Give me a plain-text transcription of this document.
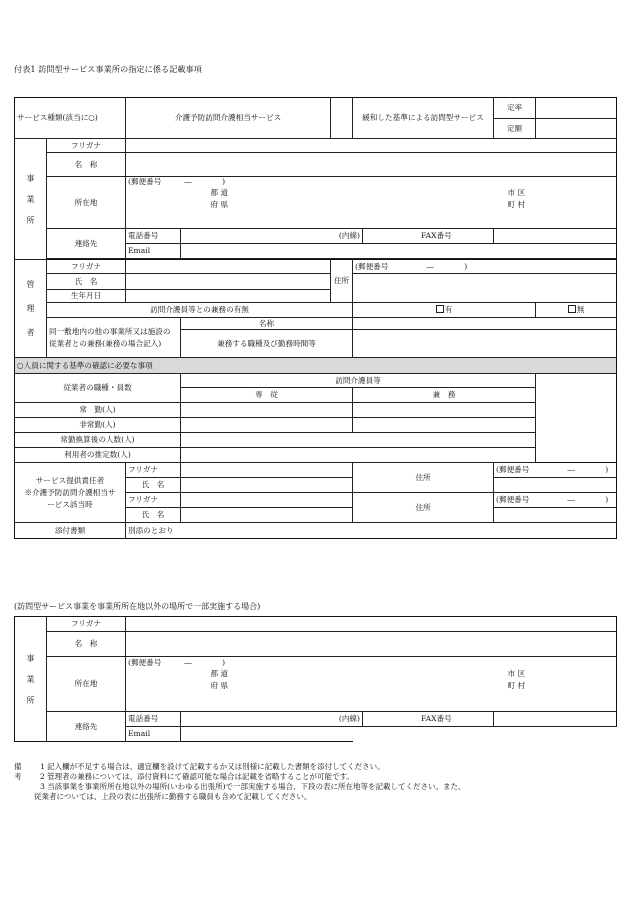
付表1 訪問型サービス事業所の指定に係る記載事項
サービス種類(該当に○)		介護予防訪問介護相当サービス			緩和した基準による訪問型サービス		定率	
							定額	
事業所	フリガナ							
	名　称							
	所在地	(郵便番号　　　―　　　　)						
			都 道				市 区	
			府 県				町 村	

	連絡先	電話番号	(内線)			FAX番号		
		Email						

管理者	フリガナ			住所	(郵便番号　　　　　―　　　　)			
	氏　名							
	生年月日							
	訪問介護員等との兼務の有無				有			無
	同一敷地内の他の事業所又は施設の従業者との兼務(兼務の場合記入)		名称					
			兼務する職種及び勤務時間等					
○人員に関する基準の確認に必要な事項								
従業者の職種・員数			訪問介護員等					
			専　従		兼　務			
常　勤(人)								
非常勤(人)								
常勤換算後の人数(人)								
利用者の推定数(人)								

サービス提供責任者
※介護予防訪問介護相当サービス該当時		フリガナ			住所		(郵便番号　　　　　―　　　　)	
		氏　名						
		フリガナ			住所		(郵便番号　　　　　―　　　　)	
		氏　名						
添付書類		別添のとおり						
(訪問型サービス事業を事業所所在地以外の場所で一部実施する場合)
事業所	フリガナ						
	名　称						
	所在地	(郵便番号　　　―　　　　)					
			都 道				市 区
			府 県				町 村

	連絡先	電話番号	(内線)			FAX番号	
		Email					
備考
1 記入欄が不足する場合は、適宜欄を設けて記載するか又は別様に記載した書類を添付してください。
2 管理者の兼務については、添付資料にて確認可能な場合は記載を省略することが可能です。
3 当該事業を事業所所在地以外の場所(いわゆる出張所)で一部実施する場合、下段の表に所在地等を記載してください。また、
従業者については、上段の表に出張所に勤務する職員も含めて記載してください。
